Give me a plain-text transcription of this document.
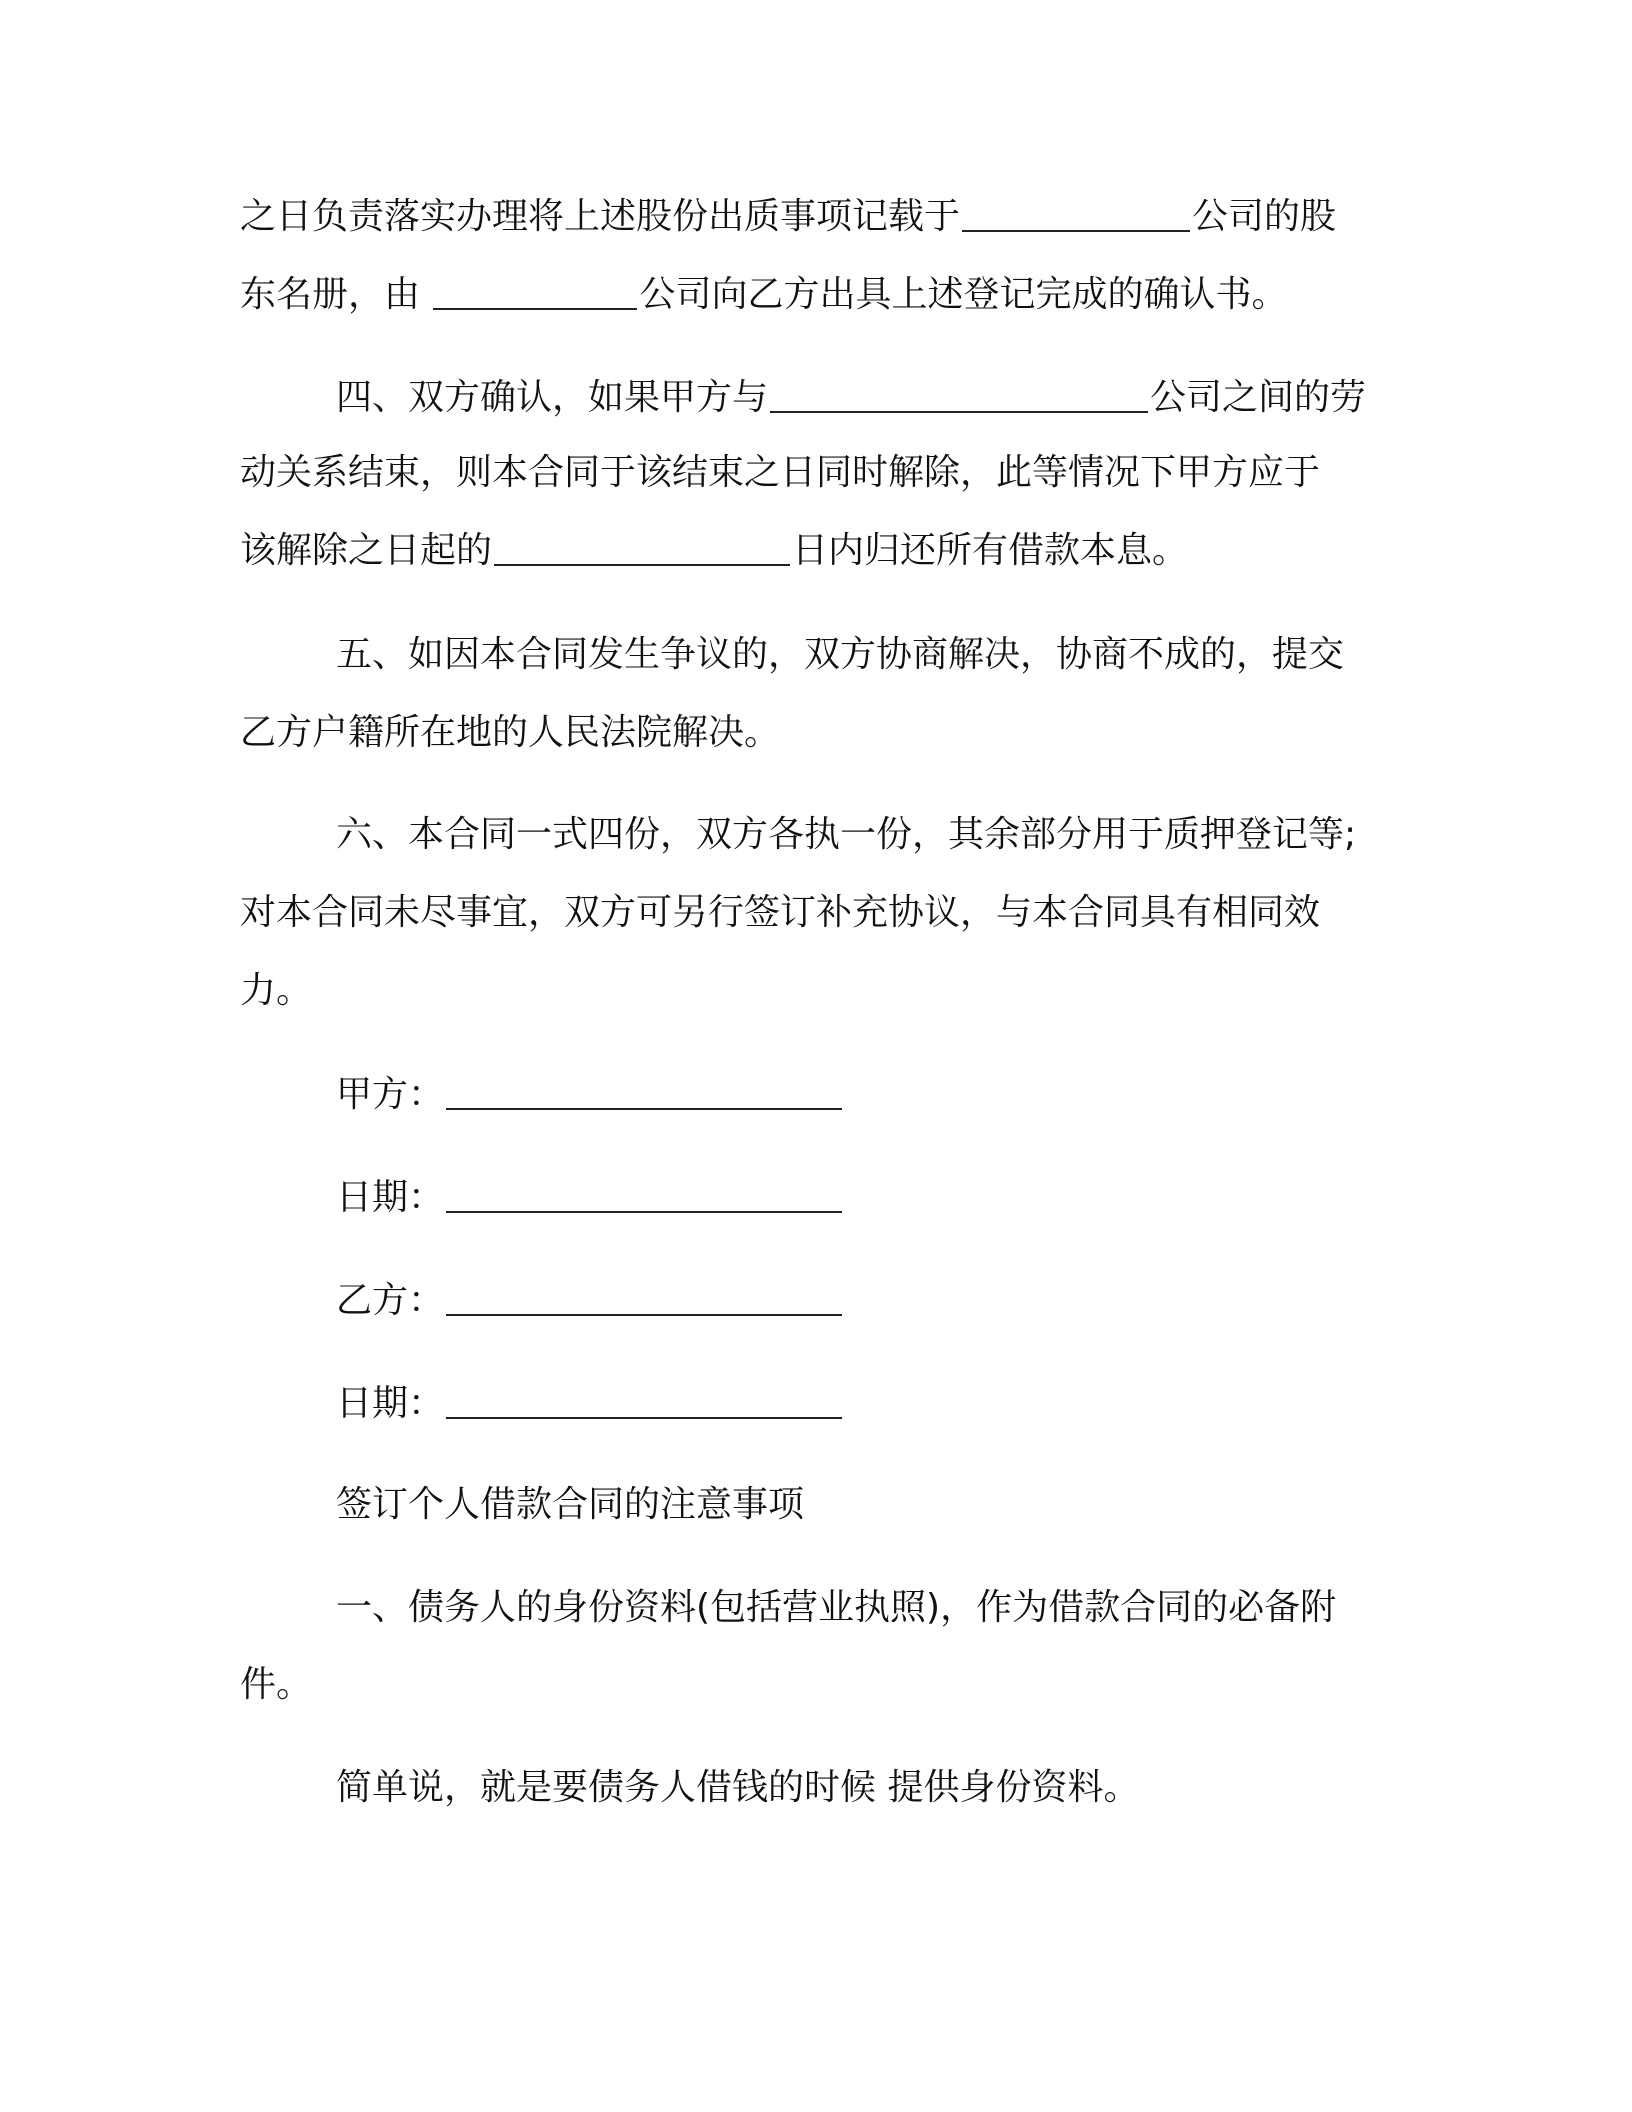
之日负责落实办理将上述股份出质事项记载于	公司的股
东名册，由	公司向乙方出具上述登记完成的确认书。
四、双方确认，如果甲方与	公司之间的劳
动关系结束，则本合同于该结束之日同时解除，此等情况下甲方应于
该解除之日起的	日内归还所有借款本息。
五、如因本合同发生争议的，双方协商解决，协商不成的，提交
乙方户籍所在地的人民法院解决。
六、本合同一式四份，双方各执一份，其余部分用于质押登记等;
对本合同未尽事宜，双方可另行签订补充协议，与本合同具有相同效
力。
甲方：
日期：
乙方：
日期：
签订个人借款合同的注意事项
一、债务人的身份资料(包括营业执照)，作为借款合同的必备附
件。
简单说，就是要债务人借钱的时候 提供身份资料。
